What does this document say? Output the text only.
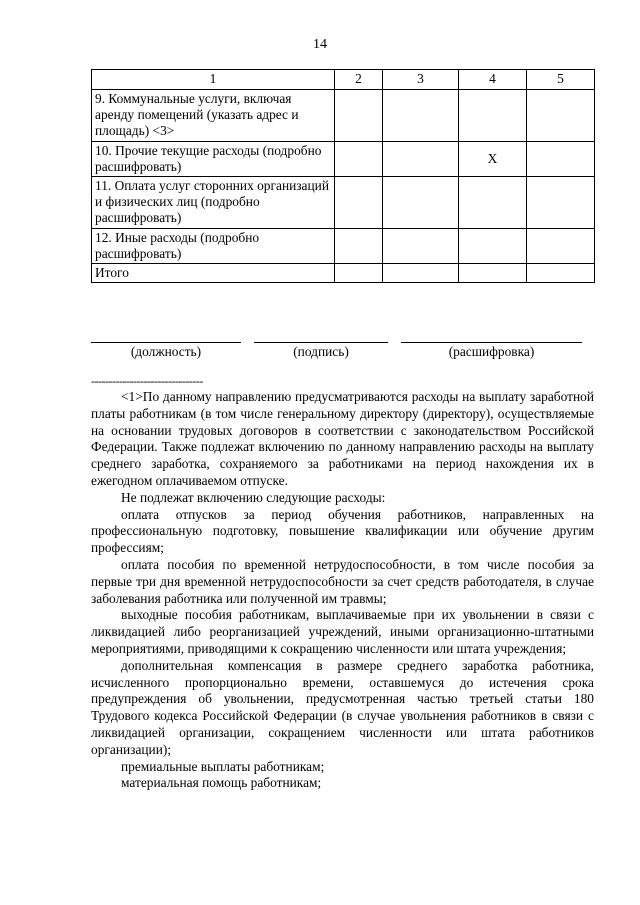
14
1	2	3	4	5
9. Коммунальные услуги, включая аренду помещений (указать адрес и площадь) <3>				
10. Прочие текущие расходы (подробно расшифровать)			X	
11. Оплата услуг сторонних организаций и физических лиц (подробно расшифровать)				
12. Иные расходы (подробно расшифровать)				
Итого				
(должность)	(подпись)	(расшифровка)
--------------------------------

<1>По данному направлению предусматриваются расходы на выплату заработной платы работникам (в том числе генеральному директору (директору), осуществляемые на основании трудовых договоров в соответствии с законодательством Российской Федерации. Также подлежат включению по данному направлению расходы на выплату среднего заработка, сохраняемого за работниками на период нахождения их в ежегодном оплачиваемом отпуске.

Не подлежат включению следующие расходы:

оплата отпусков за период обучения работников, направленных на профессиональную подготовку, повышение квалификации или обучение другим профессиям;

оплата пособия по временной нетрудоспособности, в том числе пособия за первые три дня временной нетрудоспособности за счет средств работодателя, в случае заболевания работника или полученной им травмы;

выходные пособия работникам, выплачиваемые при их увольнении в связи с ликвидацией либо реорганизацией учреждений, иными организационно-штатными мероприятиями, приводящими к сокращению численности или штата учреждения;

дополнительная компенсация в размере среднего заработка работника, исчисленного пропорционально времени, оставшемуся до истечения срока предупреждения об увольнении, предусмотренная частью третьей статьи 180 Трудового кодекса Российской Федерации (в случае увольнения работников в связи с ликвидацией организации, сокращением численности или штата работников организации);

премиальные выплаты работникам;

материальная помощь работникам;
